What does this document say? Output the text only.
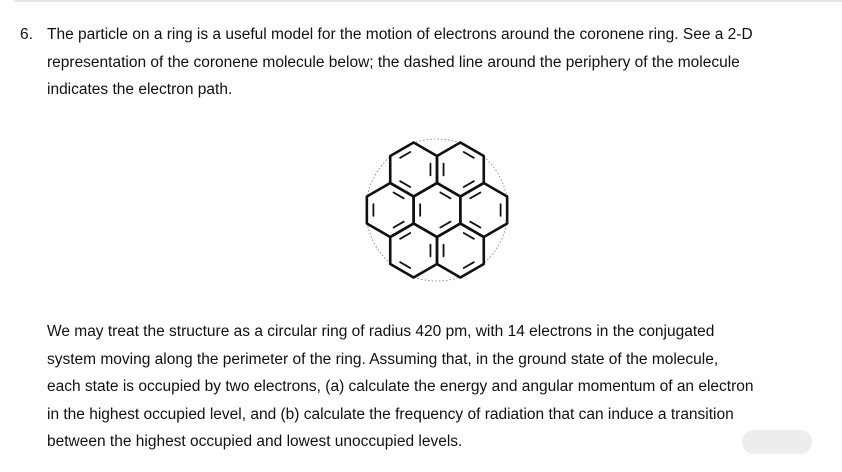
6. The particle on a ring is a useful model for the motion of electrons around the coronene ring. See a 2-D
representation of the coronene molecule below; the dashed line around the periphery of the molecule
indicates the electron path.

We may treat the structure as a circular ring of radius 420 pm, with 14 electrons in the conjugated
system moving along the perimeter of the ring. Assuming that, in the ground state of the molecule,
each state is occupied by two electrons, (a) calculate the energy and angular momentum of an electron
in the highest occupied level, and (b) calculate the frequency of radiation that can induce a transition
between the highest occupied and lowest unoccupied levels.
